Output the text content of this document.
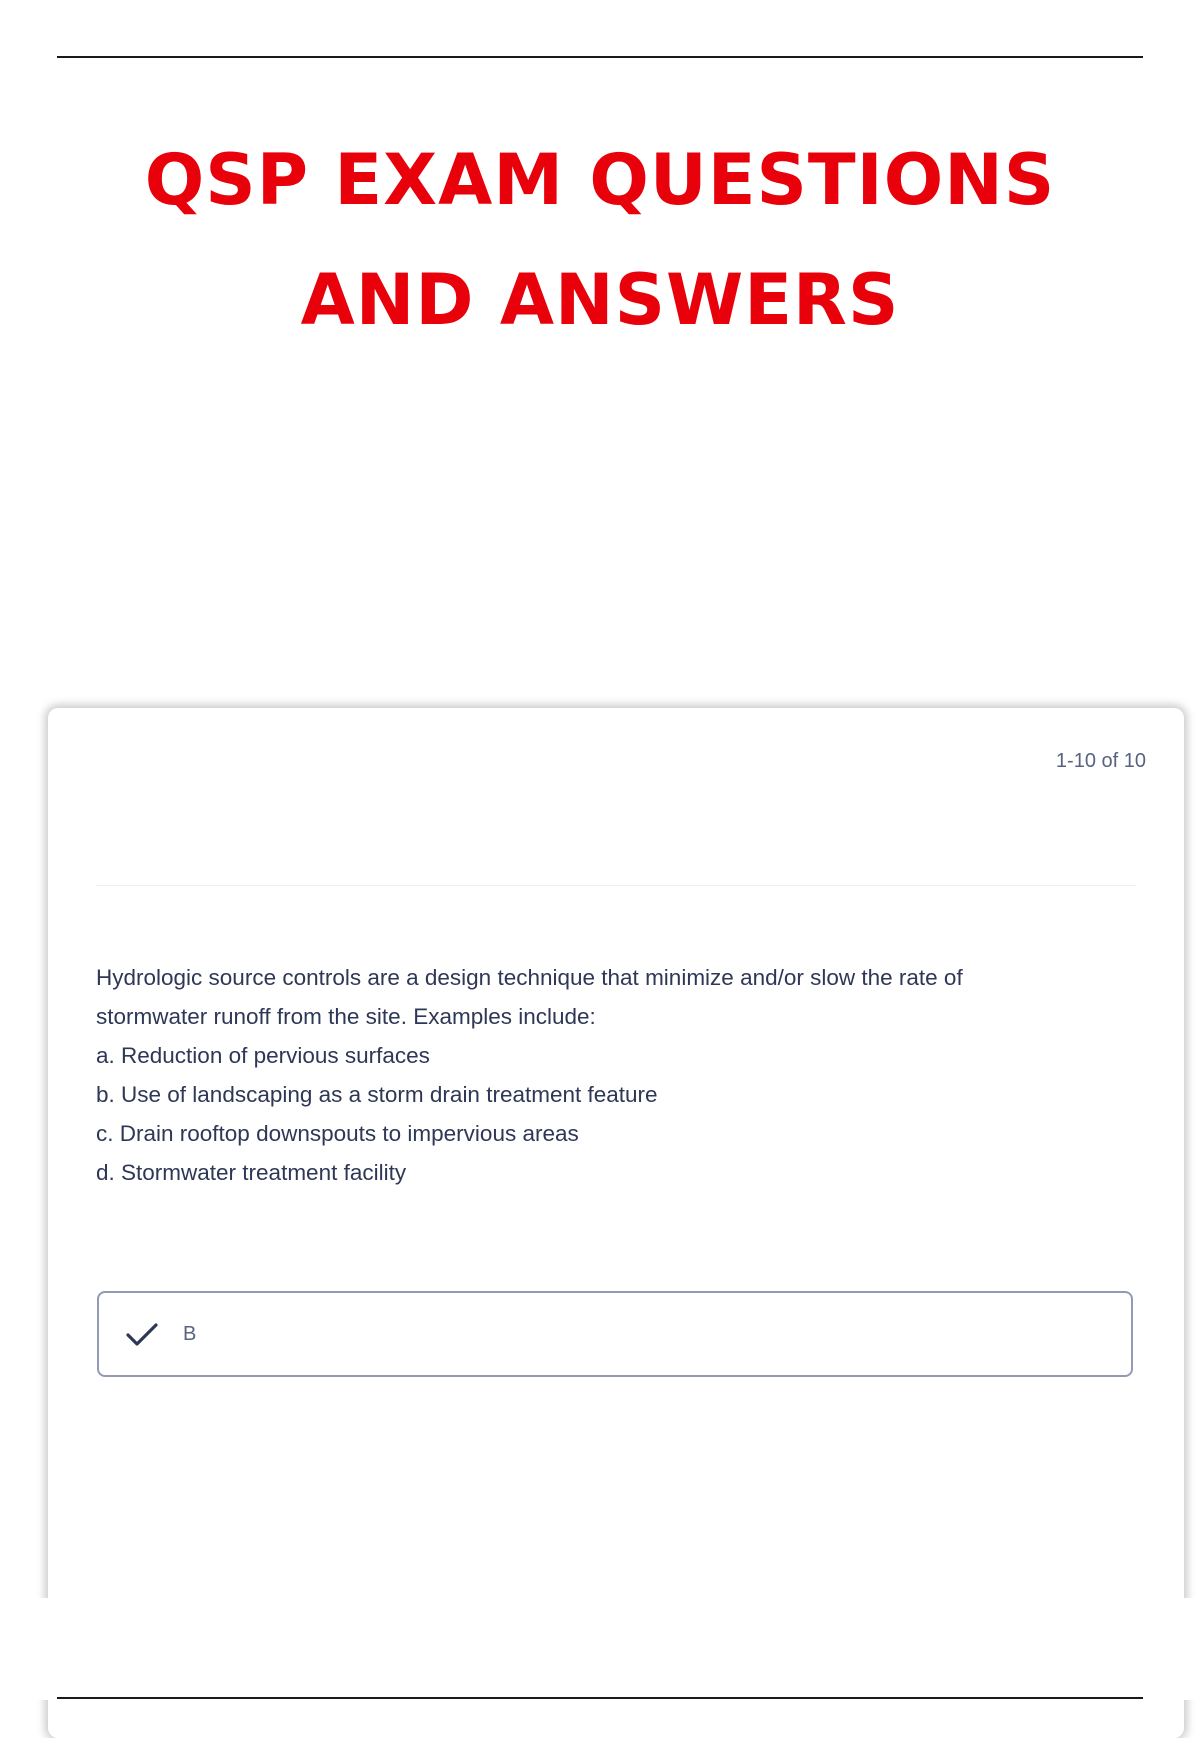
QSP EXAM QUESTIONS
AND ANSWERS
1-10 of 10
Hydrologic source controls are a design technique that minimize and/or slow the rate of
stormwater runoff from the site. Examples include:
a. Reduction of pervious surfaces
b. Use of landscaping as a storm drain treatment feature
c. Drain rooftop downspouts to impervious areas
d. Stormwater treatment facility
B
